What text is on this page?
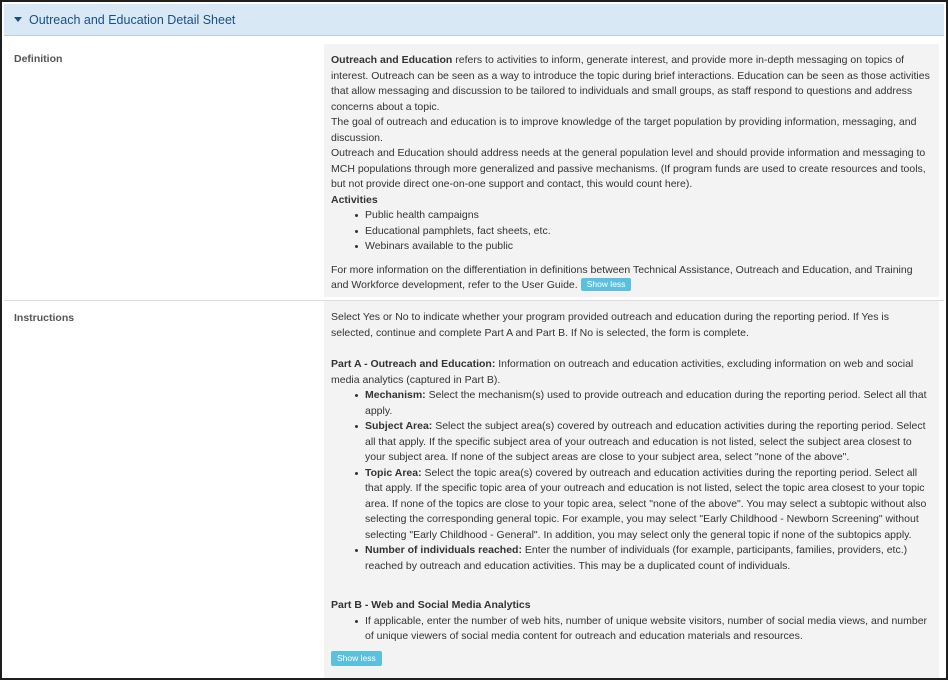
Outreach and Education Detail Sheet
Definition	Outreach and Education refers to activities to inform, generate interest, and provide more in-depth messaging on topics of interest. Outreach can be seen as a way to introduce the topic during brief interactions. Education can be seen as those activities that allow messaging and discussion to be tailored to individuals and small groups, as staff respond to questions and address concerns about a topic.

The goal of outreach and education is to improve knowledge of the target population by providing information, messaging, and discussion.

Outreach and Education should address needs at the general population level and should provide information and messaging to MCH populations through more generalized and passive mechanisms. (If program funds are used to create resources and tools, but not provide direct one-on-one support and contact, this would count here).

Activities

Public health campaigns
Educational pamphlets, fact sheets, etc.
Webinars available to the public

For more information on the differentiation in definitions between Technical Assistance, Outreach and Education, and Training and Workforce development, refer to the User Guide. Show less

Instructions	Select Yes or No to indicate whether your program provided outreach and education during the reporting period. If Yes is selected, continue and complete Part A and Part B. If No is selected, the form is complete.

Part A - Outreach and Education: Information on outreach and education activities, excluding information on web and social media analytics (captured in Part B).

Mechanism: Select the mechanism(s) used to provide outreach and education during the reporting period. Select all that apply.
Subject Area: Select the subject area(s) covered by outreach and education activities during the reporting period. Select all that apply. If the specific subject area of your outreach and education is not listed, select the subject area closest to your subject area. If none of the subject areas are close to your subject area, select "none of the above".
Topic Area: Select the topic area(s) covered by outreach and education activities during the reporting period. Select all that apply. If the specific topic area of your outreach and education is not listed, select the topic area closest to your topic area. If none of the topics are close to your topic area, select "none of the above". You may select a subtopic without also selecting the corresponding general topic. For example, you may select "Early Childhood - Newborn Screening" without selecting "Early Childhood - General". In addition, you may select only the general topic if none of the subtopics apply.
Number of individuals reached: Enter the number of individuals (for example, participants, families, providers, etc.) reached by outreach and education activities. This may be a duplicated count of individuals.

Part B - Web and Social Media Analytics

If applicable, enter the number of web hits, number of unique website visitors, number of social media views, and number of unique viewers of social media content for outreach and education materials and resources.
Show less
